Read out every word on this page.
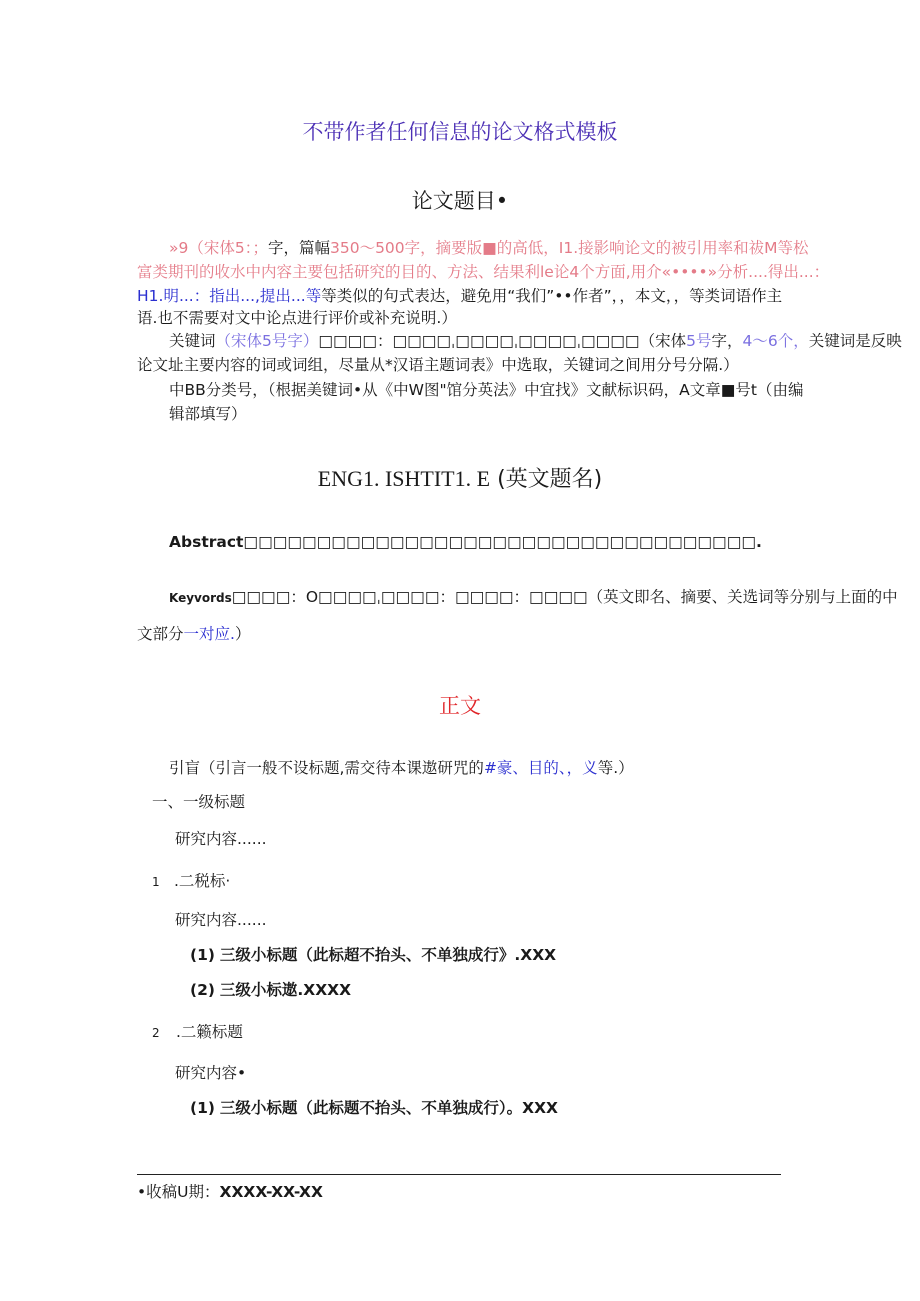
不带作者任何信息的论文格式模板
论文题目•
»9（宋体5：；字，篇幅350〜500字，摘要版■的高低，I1.接影响论文的被引用率和祓M等松
富类期刊的收水中内容主要包括研究的目的、方法、结果利le论4个方面,用介«••••»分析....得出...：
H1.明...：指出...,提出...等等类似的句式表达，避免用“我们”••作者”，，本文，，等类词语作主
语.也不需要对文中论点进行评价或补充说明.）
关键词（宋体5号字）□□□□：□□□□ˌ□□□□ˌ□□□□ˌ□□□□（宋体5号字，4〜6个，关键词是反映
论文址主要内容的词或词组，尽量从*汉语主题词表》中选取，关键词之间用分号分隔.）
中BB分类号，（根据美键词•从《中W图"馆分英法》中宜找》文献标识码，A文章■号t（由编
辑部填写）
ENG1. ISHTIT1. E (英文题名)
Abstract□□□□□□□□□□□□□□□□□□□□□□□□□□□□□□□□□□□.
Keyvords□□□□：O□□□□ˌ□□□□：□□□□：□□□□（英文即名、摘要、关选词等分别与上面的中
文部分一对应.）
正文
引盲（引言一般不设标题,需交待本课遨研咒的#豪、目的、，义等.）
一、一级标题
研究内容......
1 .二税标·
研究内容......
(1) 三级小标题（此标超不抬头、不单独成行》.XXX
(2) 三级小标遨.XXXX
2 .二籁标题
研究内容•
(1) 三级小标题（此标题不抬头、不单独成行）。XXX
•收稿U期：XXXX-XX-XX
